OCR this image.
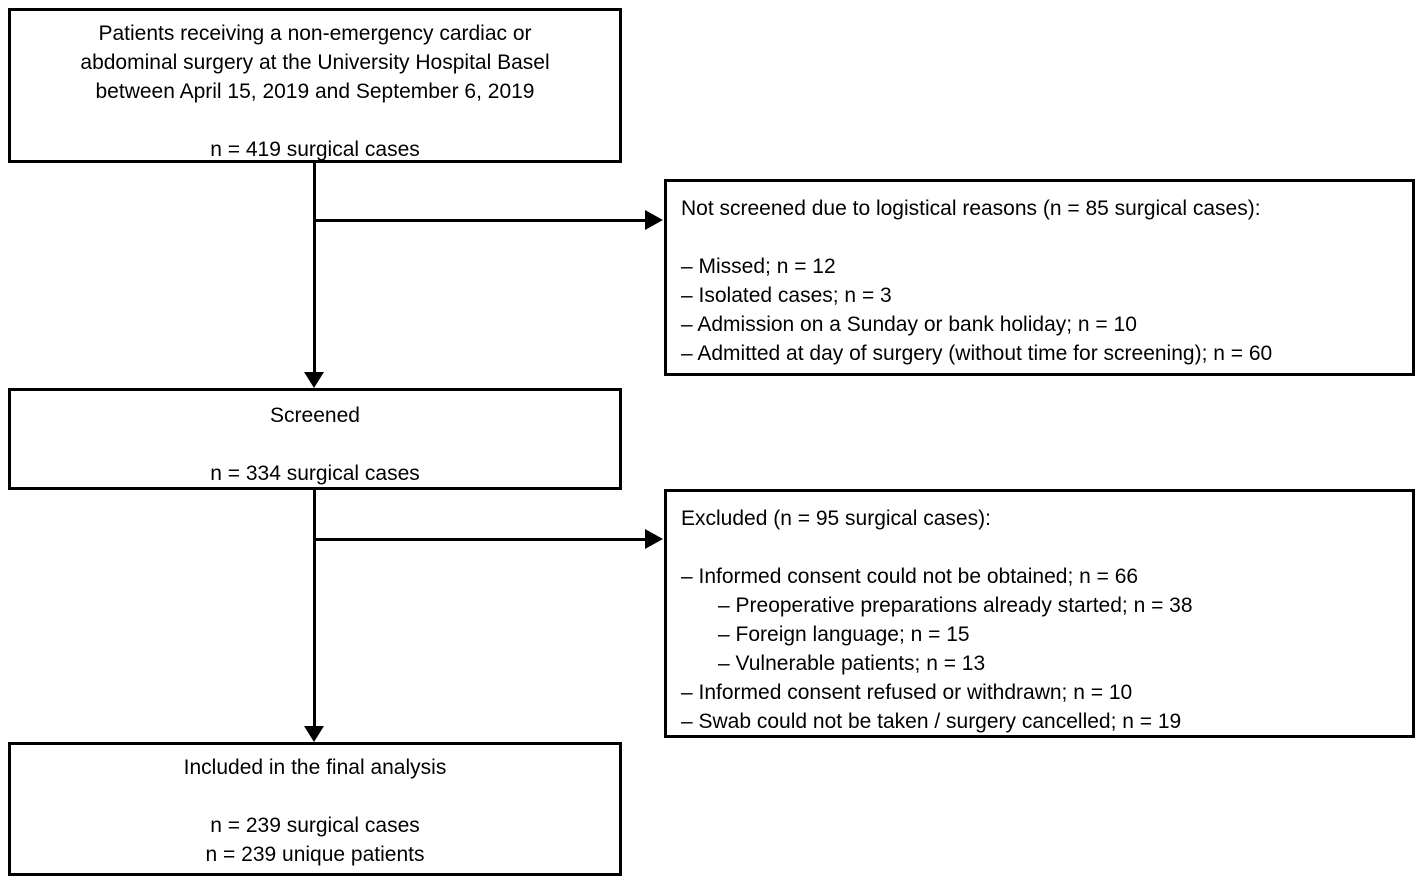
Patients receiving a non-emergency cardiac or
abdominal surgery at the University Hospital Basel
between April 15, 2019 and September 6, 2019
n = 419 surgical cases
Not screened due to logistical reasons (n = 85 surgical cases):
– Missed; n = 12
– Isolated cases; n = 3
– Admission on a Sunday or bank holiday; n = 10
– Admitted at day of surgery (without time for screening); n = 60
Screened
n = 334 surgical cases
Excluded (n = 95 surgical cases):
– Informed consent could not be obtained; n = 66
– Preoperative preparations already started; n = 38
– Foreign language; n = 15
– Vulnerable patients; n = 13
– Informed consent refused or withdrawn; n = 10
– Swab could not be taken / surgery cancelled; n = 19
Included in the final analysis
n = 239 surgical cases
n = 239 unique patients
